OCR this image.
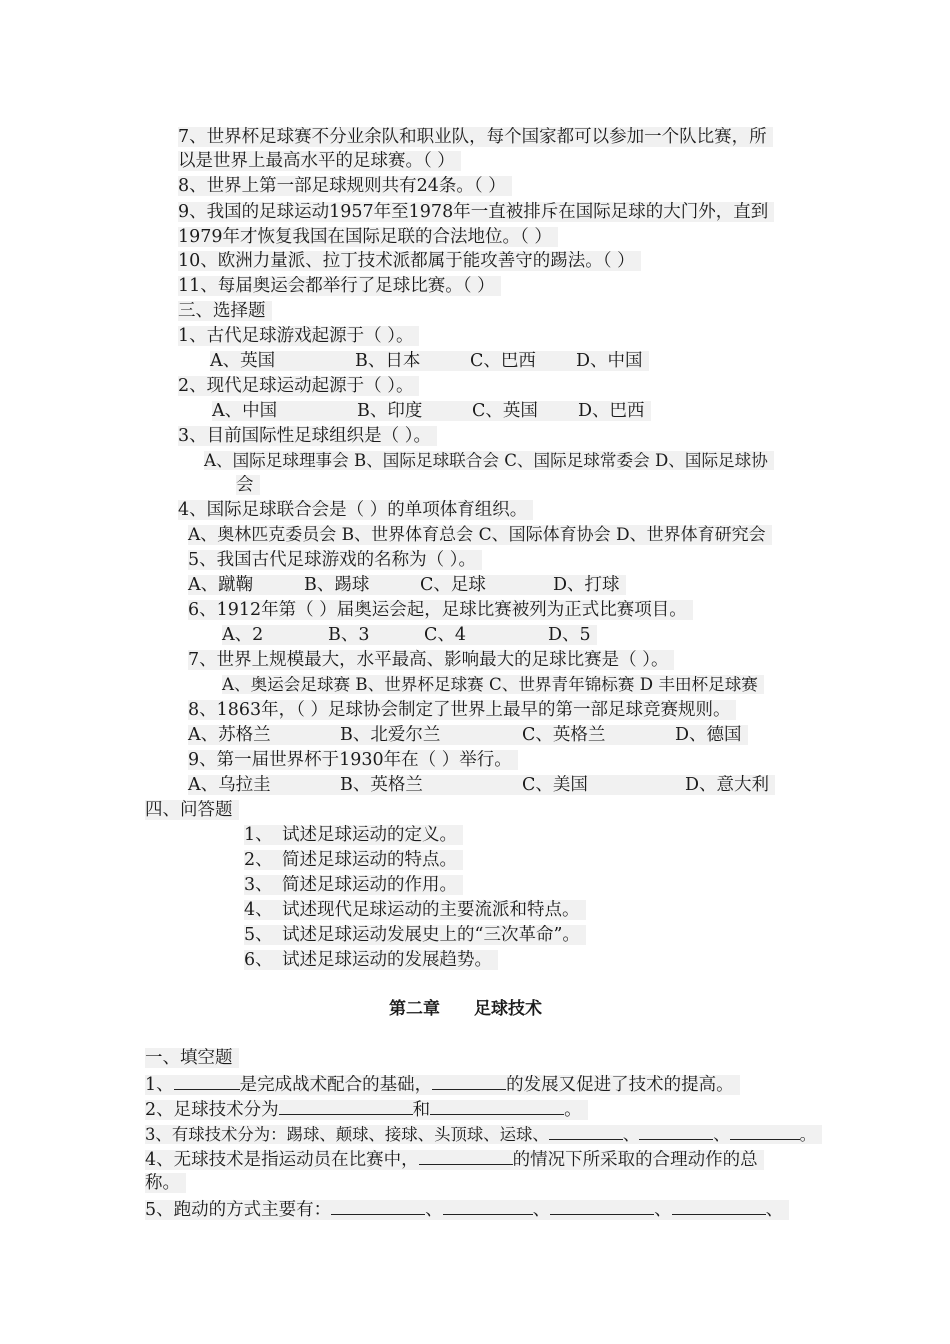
7、世界杯足球赛不分业余队和职业队，每个国家都可以参加一个队比赛，所
以是世界上最高水平的足球赛。（ ）
8、世界上第一部足球规则共有24条。（ ）
9、我国的足球运动1957年至1978年一直被排斥在国际足球的大门外，直到
1979年才恢复我国在国际足联的合法地位。（ ）
10、欧洲力量派、拉丁技术派都属于能攻善守的踢法。（ ）
11、每届奥运会都举行了足球比赛。（ ）
三、选择题
1、古代足球游戏起源于（ ）。
A、英国	B、日本	C、巴西 D、中国
2、现代足球运动起源于（ ）。
A、中国	B、印度	C、英国 D、巴西
3、目前国际性足球组织是（ ）。
A、国际足球理事会 B、国际足球联合会 C、国际足球常委会 D、国际足球协
会
4、国际足球联合会是（ ）的单项体育组织。
A、奥林匹克委员会 B、世界体育总会 C、国际体育协会 D、世界体育研究会
5、我国古代足球游戏的名称为（ ）。
A、蹴鞠	B、踢球	C、足球	D、打球
6、1912年第（ ）届奥运会起，足球比赛被列为正式比赛项目。
A、2	B、3	C、4	D、5
7、世界上规模最大，水平最高、影响最大的足球比赛是（ ）。
A、奥运会足球赛 B、世界杯足球赛 C、世界青年锦标赛 D 丰田杯足球赛
8、1863年，（ ）足球协会制定了世界上最早的第一部足球竞赛规则。
A、苏格兰	B、北爱尔兰	C、英格兰	D、德国
9、第一届世界杯于1930年在（ ）举行。
A、乌拉圭	B、英格兰	C、美国	D、意大利
四、问答题
1、 试述足球运动的定义。
2、 简述足球运动的特点。
3、 简述足球运动的作用。
4、 试述现代足球运动的主要流派和特点。
5、 试述足球运动发展史上的“三次革命”。
6、 试述足球运动的发展趋势。
第二章　　足球技术
一、填空题
1、	是完成战术配合的基础，	的发展又促进了技术的提高。
2、足球技术分为	和	。
3、有球技术分为：踢球、颠球、接球、头顶球、运球、	、	、	。
4、无球技术是指运动员在比赛中，	的情况下所采取的合理动作的总
称。
5、跑动的方式主要有：	、	、	、	、
